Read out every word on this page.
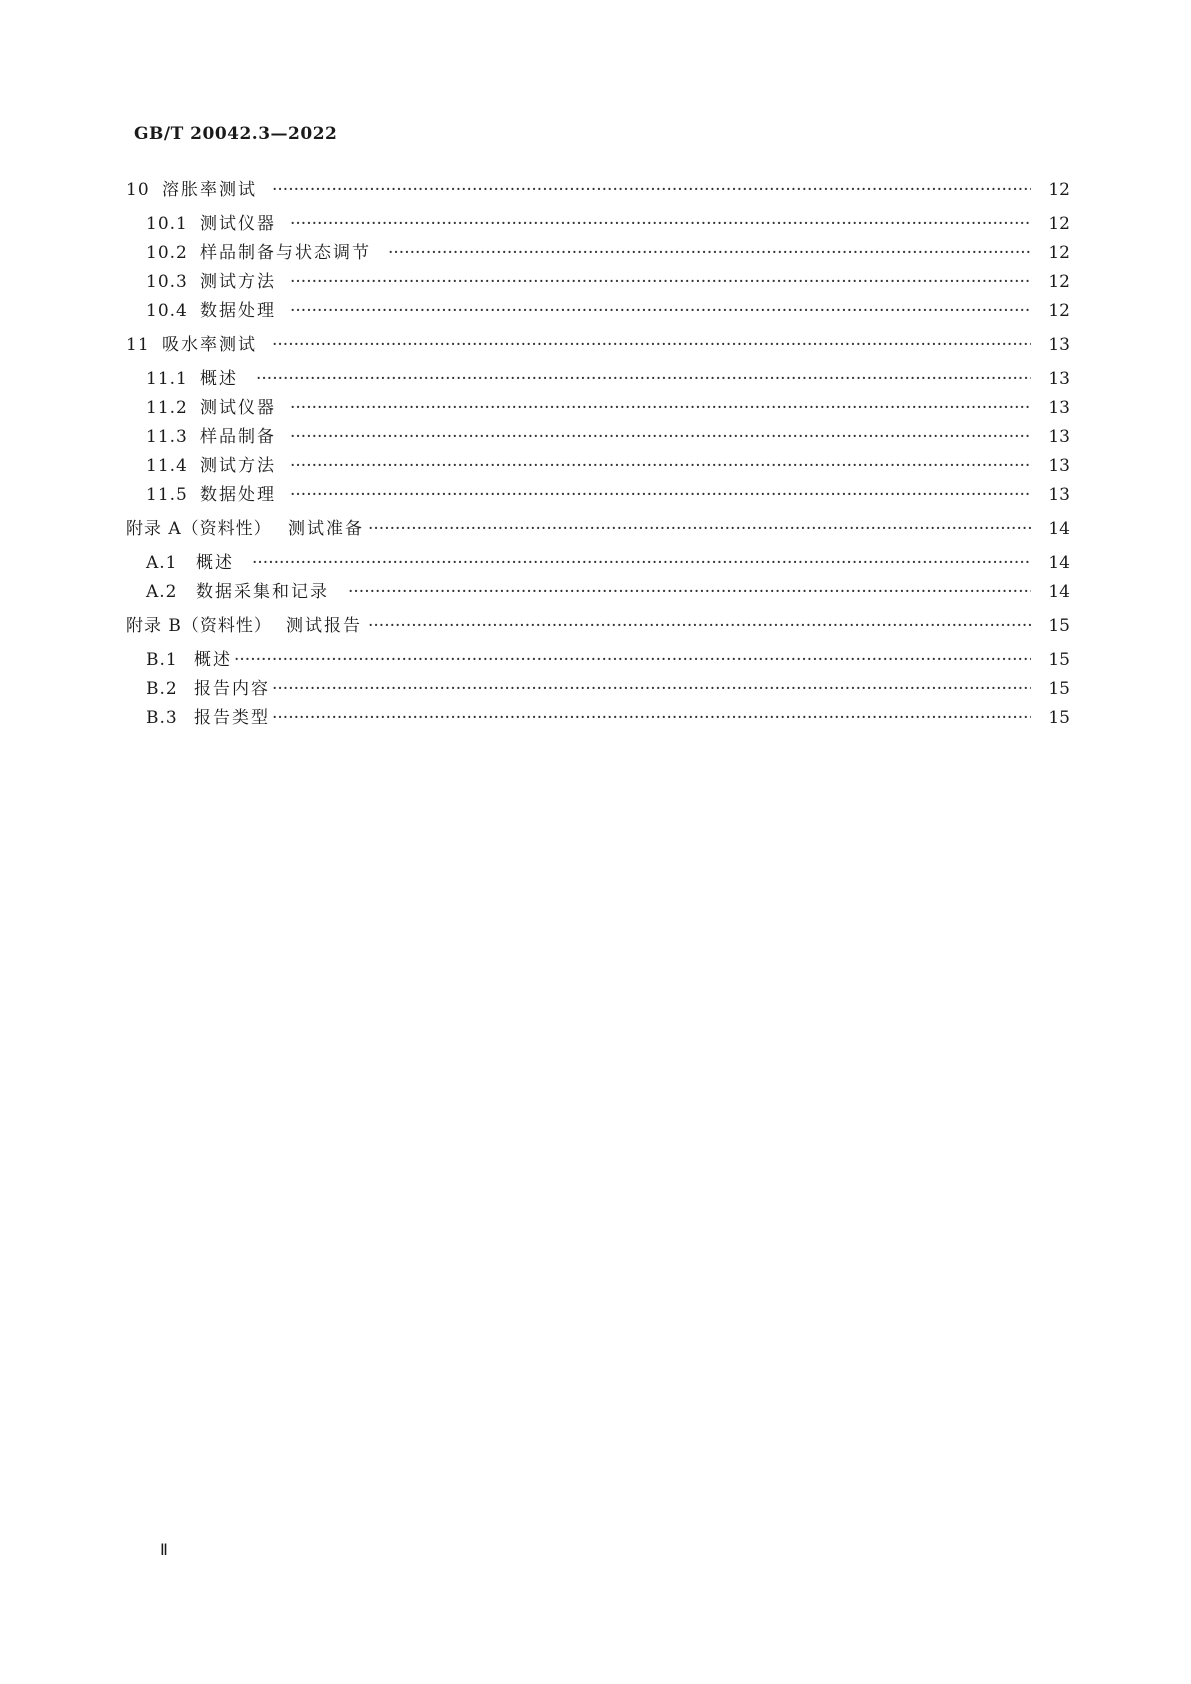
GB/T 20042.3—2022
10 溶胀率测试 ·····	12
10.1 测试仪器 ·····	12
10.2 样品制备与状态调节 ·····	12
10.3 测试方法 ·····	12
10.4 数据处理 ·····	12
11 吸水率测试 ·····	13
11.1 概述 ·····	13
11.2 测试仪器 ·····	13
11.3 样品制备 ·····	13
11.4 测试方法 ·····	13
11.5 数据处理 ·····	13
附录 A（资料性） 测试准备 ·····	14
A.1 概述 ·····	14
A.2 数据采集和记录 ·····	14
附录 B（资料性） 测试报告 ·····	15
B.1 概述 ·····	15
B.2 报告内容 ·····	15
B.3 报告类型 ·····	15
Ⅱ
